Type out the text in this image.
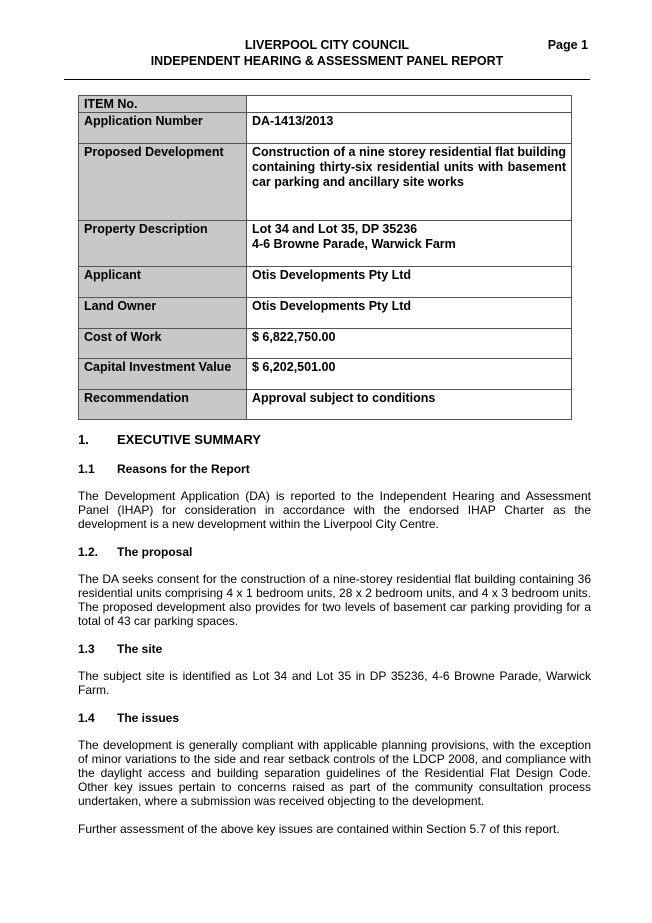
LIVERPOOL CITY COUNCIL	Page 1
INDEPENDENT HEARING & ASSESSMENT PANEL REPORT
ITEM No.	
Application Number	DA-1413/2013
Proposed Development	Construction of a nine storey residential flat building containing thirty-six residential units with basement car parking and ancillary site works
Property Description	Lot 34 and Lot 35, DP 35236
4-6 Browne Parade, Warwick Farm
Applicant	Otis Developments Pty Ltd
Land Owner	Otis Developments Pty Ltd
Cost of Work	$ 6,822,750.00
Capital Investment Value	$ 6,202,501.00
Recommendation	Approval subject to conditions
1. EXECUTIVE SUMMARY
1.1 Reasons for the Report
The Development Application (DA) is reported to the Independent Hearing and Assessment Panel (IHAP) for consideration in accordance with the endorsed IHAP Charter as the development is a new development within the Liverpool City Centre.
1.2. The proposal
The DA seeks consent for the construction of a nine-storey residential flat building containing 36 residential units comprising 4 x 1 bedroom units, 28 x 2 bedroom units, and 4 x 3 bedroom units. The proposed development also provides for two levels of basement car parking providing for a total of 43 car parking spaces.
1.3 The site
The subject site is identified as Lot 34 and Lot 35 in DP 35236, 4-6 Browne Parade, Warwick Farm.
1.4 The issues
The development is generally compliant with applicable planning provisions, with the exception of minor variations to the side and rear setback controls of the LDCP 2008, and compliance with the daylight access and building separation guidelines of the Residential Flat Design Code. Other key issues pertain to concerns raised as part of the community consultation process undertaken, where a submission was received objecting to the development.
Further assessment of the above key issues are contained within Section 5.7 of this report.
